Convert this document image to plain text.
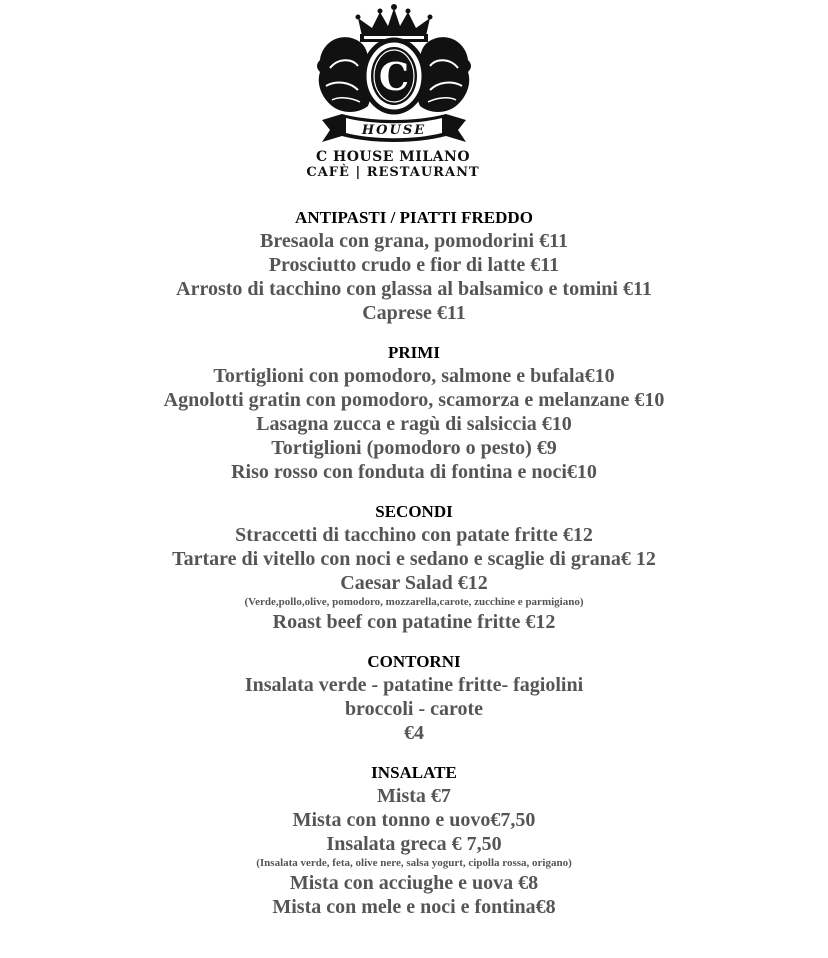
C
HOUSE
C HOUSE MILANO
CAFÈ | RESTAURANT
ANTIPASTI / PIATTI FREDDO
Bresaola con grana, pomodorini €11
Prosciutto crudo e fior di latte €11
Arrosto di tacchino con glassa al balsamico e tomini €11
Caprese €11
PRIMI
Tortiglioni con pomodoro, salmone e bufala€10
Agnolotti gratin con pomodoro, scamorza e melanzane €10
Lasagna zucca e ragù di salsiccia €10
Tortiglioni (pomodoro o pesto) €9
Riso rosso con fonduta di fontina e noci€10
SECONDI
Straccetti di tacchino con patate fritte €12
Tartare di vitello con noci e sedano e scaglie di grana€ 12
Caesar Salad €12
(Verde,pollo,olive, pomodoro, mozzarella,carote, zucchine e parmigiano)
Roast beef con patatine fritte €12
CONTORNI
Insalata verde - patatine fritte- fagiolini
broccoli - carote
€4
INSALATE
Mista €7
Mista con tonno e uovo€7,50
Insalata greca € 7,50
(Insalata verde, feta, olive nere, salsa yogurt, cipolla rossa, origano)
Mista con acciughe e uova €8
Mista con mele e noci e fontina€8
